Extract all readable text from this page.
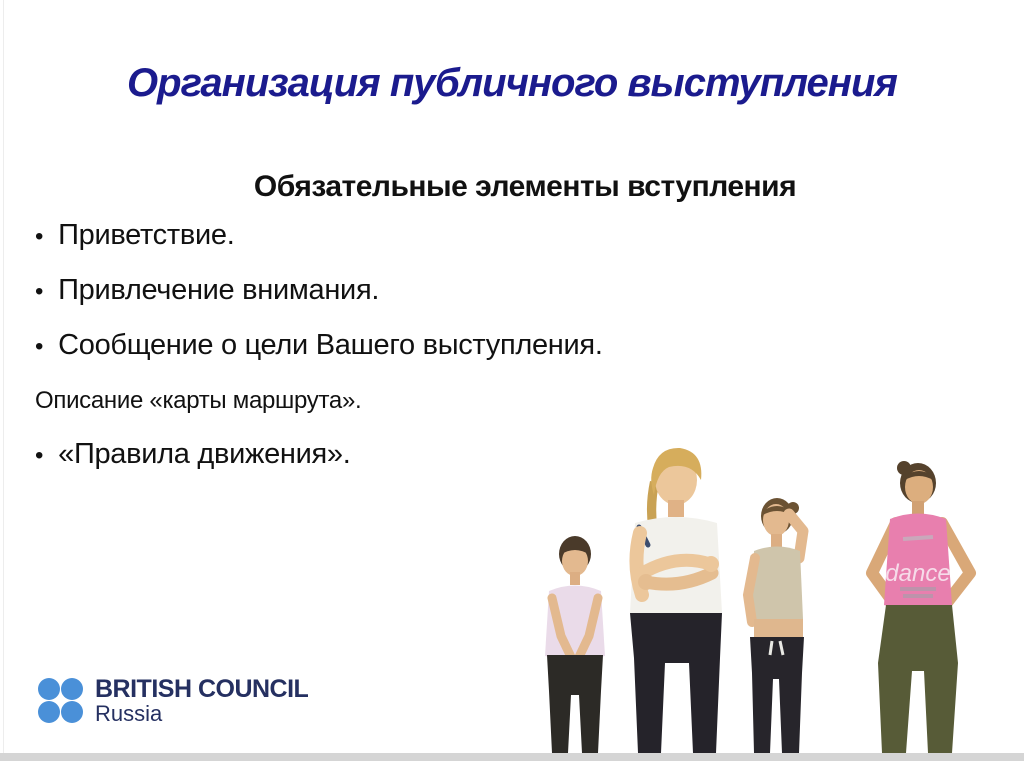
Организация публичного выступления
Обязательные элементы вступления
• Приветствие.
• Привлечение внимания.
• Сообщение о цели Вашего выступления.
Описание «карты маршрута».
• «Правила движения».
BRITISH COUNCIL
Russia
dance
